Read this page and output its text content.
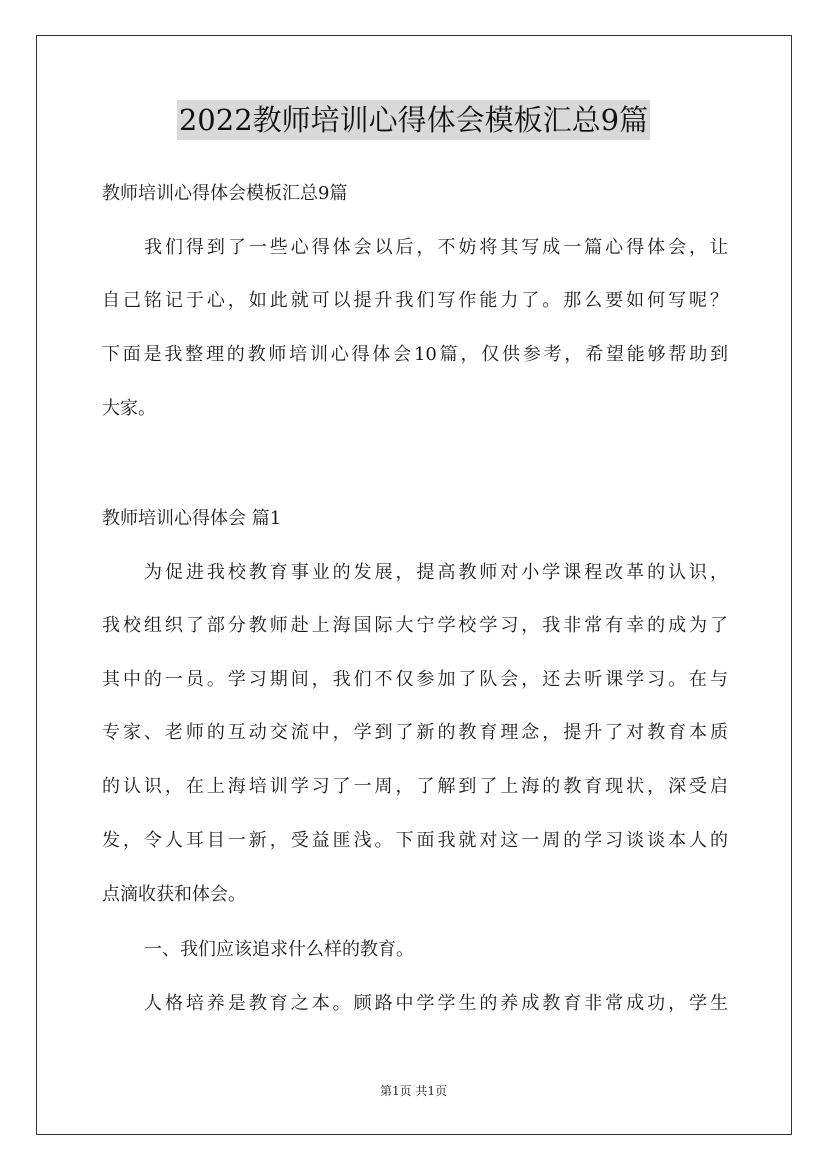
2022教师培训心得体会模板汇总9篇
教师培训心得体会模板汇总9篇
我们得到了一些心得体会以后，不妨将其写成一篇心得体会，让
自己铭记于心，如此就可以提升我们写作能力了。那么要如何写呢？
下面是我整理的教师培训心得体会10篇，仅供参考，希望能够帮助到
大家。
教师培训心得体会 篇1
为促进我校教育事业的发展，提高教师对小学课程改革的认识，
我校组织了部分教师赴上海国际大宁学校学习，我非常有幸的成为了
其中的一员。学习期间，我们不仅参加了队会，还去听课学习。在与
专家、老师的互动交流中，学到了新的教育理念，提升了对教育本质
的认识，在上海培训学习了一周，了解到了上海的教育现状，深受启
发，令人耳目一新，受益匪浅。下面我就对这一周的学习谈谈本人的
点滴收获和体会。
一、我们应该追求什么样的教育。
人格培养是教育之本。顾路中学学生的养成教育非常成功，学生
第1页 共1页
